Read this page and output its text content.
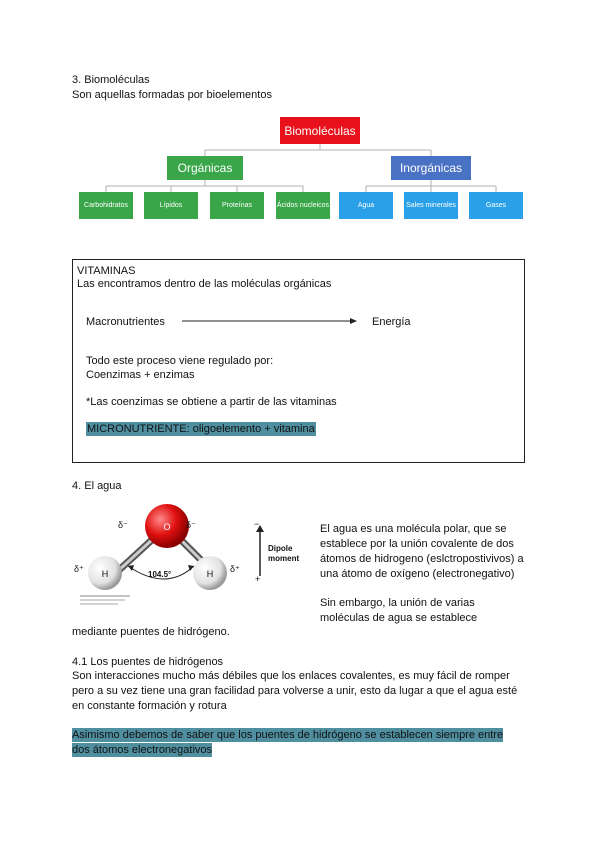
3. Biomoléculas
Son aquellas formadas por bioelementos
Biomoléculas
Orgánicas	Inorgánicas
Carbohidratos	Lípidos	Proteínas	Ácidos nucleicos	Agua	Sales minerales	Gases
VITAMINAS
Las encontramos dentro de las moléculas orgánicas
Macronutrientes	Energía
Todo este proceso viene regulado por:
Coenzimas + enzimas
*Las coenzimas se obtiene a partir de las vitaminas
MICRONUTRIENTE: oligoelemento + vitamina
4. El agua
O
H	H
δ⁻	δ⁻
δ⁺	δ⁺
104.5°
−
+
Dipole
moment
El agua es una molécula polar, que se
establece por la unión covalente de dos
átomos de hidrogeno (eslctropostivivos) a
una átomo de oxígeno (electronegativo)
Sin embargo, la unión de varias
moléculas de agua se establece
mediante puentes de hidrógeno.
4.1 Los puentes de hidrógenos
Son interacciones mucho más débiles que los enlaces covalentes, es muy fácil de romper
pero a su vez tiene una gran facilidad para volverse a unir, esto da lugar a que el agua esté
en constante formación y rotura
Asimismo debemos de saber que los puentes de hidrógeno se establecen siempre entre
dos átomos electronegativos
